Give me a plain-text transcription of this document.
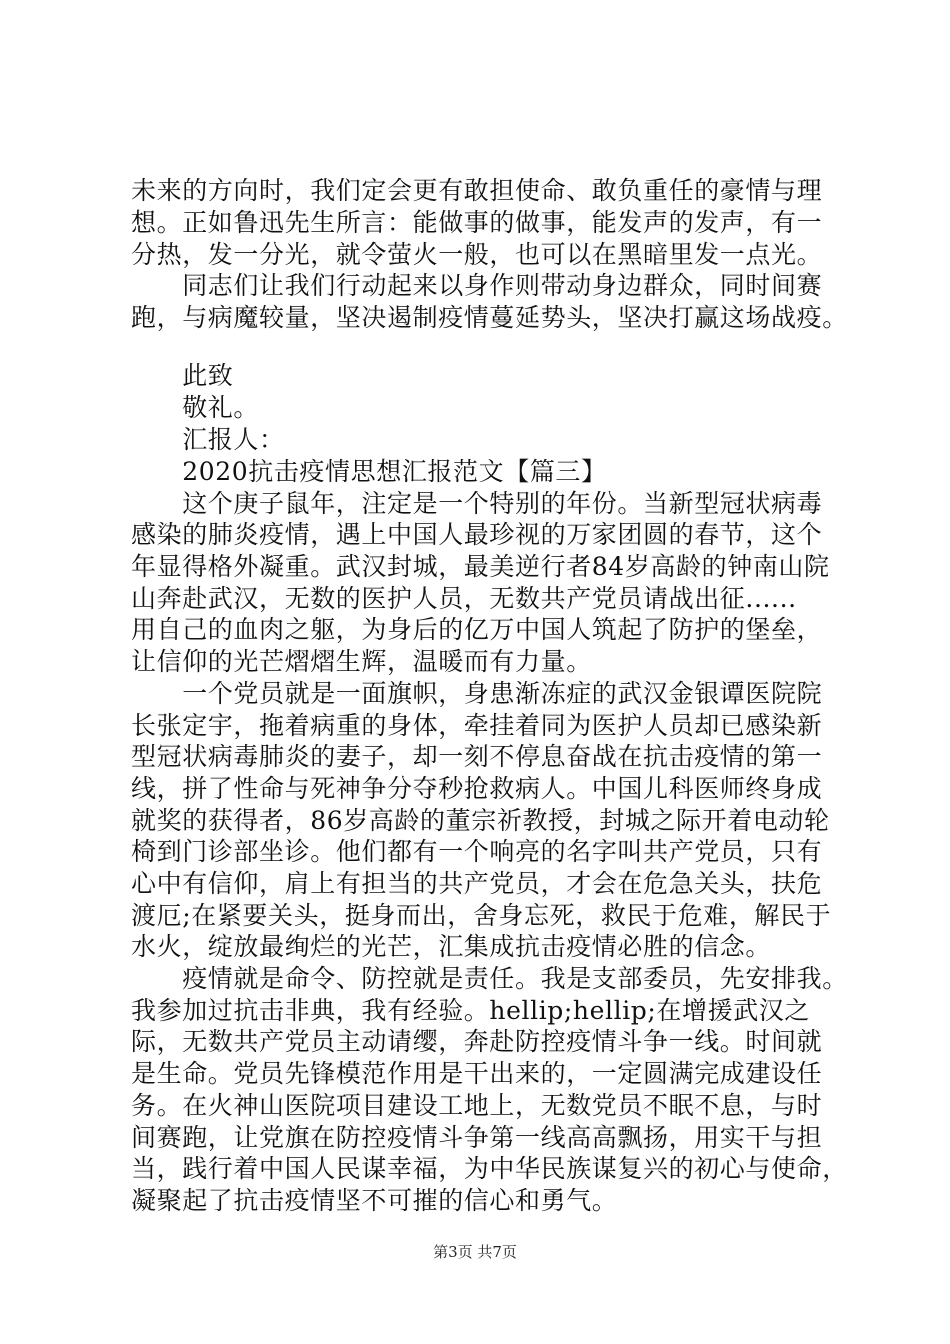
未来的方向时，我们定会更有敢担使命、敢负重任的豪情与理
想。正如鲁迅先生所言：能做事的做事，能发声的发声，有一
分热，发一分光，就令萤火一般，也可以在黑暗里发一点光。
　　同志们让我们行动起来以身作则带动身边群众，同时间赛
跑，与病魔较量，坚决遏制疫情蔓延势头，坚决打赢这场战疫。
　　此致
　　敬礼。
　　汇报人：
　　2020抗击疫情思想汇报范文【篇三】
　　这个庚子鼠年，注定是一个特别的年份。当新型冠状病毒
感染的肺炎疫情，遇上中国人最珍视的万家团圆的春节，这个
年显得格外凝重。武汉封城，最美逆行者84岁高龄的钟南山院
山奔赴武汉，无数的医护人员，无数共产党员请战出征......
用自己的血肉之躯，为身后的亿万中国人筑起了防护的堡垒，
让信仰的光芒熠熠生辉，温暖而有力量。
　　一个党员就是一面旗帜，身患渐冻症的武汉金银谭医院院
长张定宇，拖着病重的身体，牵挂着同为医护人员却已感染新
型冠状病毒肺炎的妻子，却一刻不停息奋战在抗击疫情的第一
线，拼了性命与死神争分夺秒抢救病人。中国儿科医师终身成
就奖的获得者，86岁高龄的董宗祈教授，封城之际开着电动轮
椅到门诊部坐诊。他们都有一个响亮的名字叫共产党员，只有
心中有信仰，肩上有担当的共产党员，才会在危急关头，扶危
渡厄;在紧要关头，挺身而出，舍身忘死，救民于危难，解民于
水火，绽放最绚烂的光芒，汇集成抗击疫情必胜的信念。
　　疫情就是命令、防控就是责任。我是支部委员，先安排我。
我参加过抗击非典，我有经验。hellip;hellip;在增援武汉之
际，无数共产党员主动请缨，奔赴防控疫情斗争一线。时间就
是生命。党员先锋模范作用是干出来的，一定圆满完成建设任
务。在火神山医院项目建设工地上，无数党员不眠不息，与时
间赛跑，让党旗在防控疫情斗争第一线高高飘扬，用实干与担
当，践行着中国人民谋幸福，为中华民族谋复兴的初心与使命，
凝聚起了抗击疫情坚不可摧的信心和勇气。
第3页 共7页
